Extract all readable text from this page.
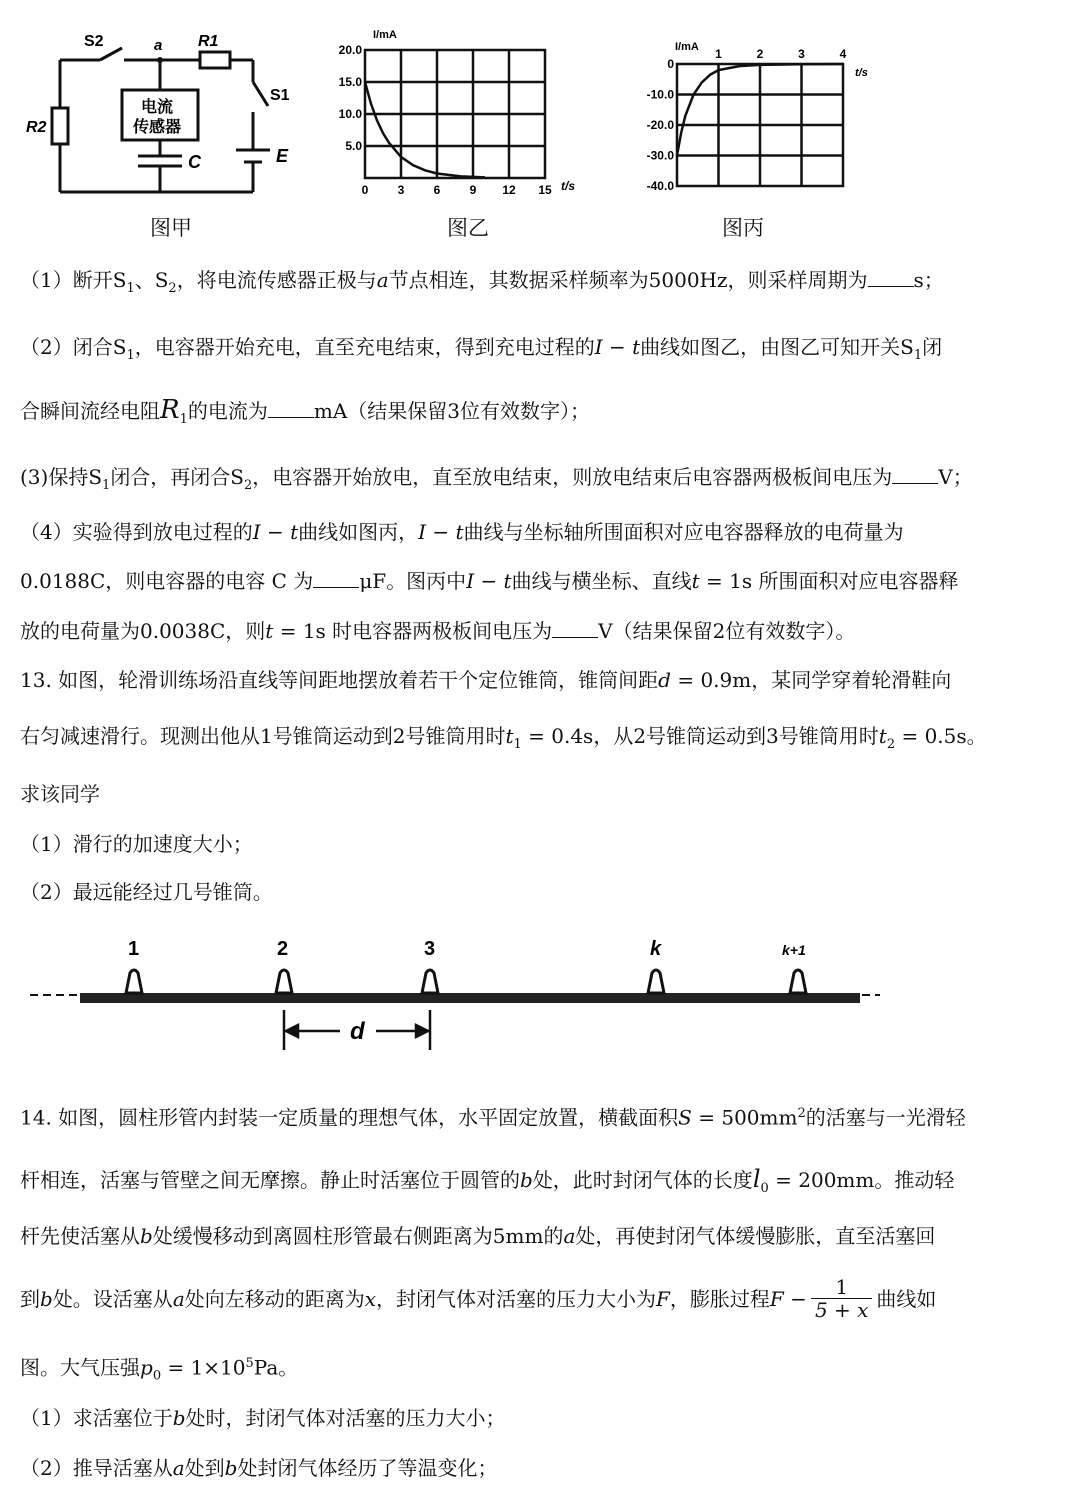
S2	a R1
S1
R2
电流
传感器
C	E
图甲
I/mA
t/s
20.0
15.0
10.0
5.0
0 3 6 9 12 15
图乙
I/mA
t/s
0
-10.0
-20.0
-30.0
-40.0
1	2	3	4
图丙
（1）断开$S_1$、$S_2$，将电流传感器正极与a节点相连，其数据采样频率为5000Hz，则采样周期为 s；
（2）闭合$S_1$，电容器开始充电，直至充电结束，得到充电过程的I − t曲线如图乙，由图乙可知开关$S_1$闭
合瞬间流经电阻$R_1$的电流为 mA（结果保留3位有效数字）；
(3)保持$S_1$闭合，再闭合$S_2$，电容器开始放电，直至放电结束，则放电结束后电容器两极板间电压为 V；
（4）实验得到放电过程的I − t曲线如图丙，I − t曲线与坐标轴所围面积对应电容器释放的电荷量为
0.0188C，则电容器的电容 C 为 μF。图丙中I − t曲线与横坐标、直线t = 1s 所围面积对应电容器释
放的电荷量为0.0038C，则t = 1s 时电容器两极板间电压为 V（结果保留2位有效数字）。
13. 如图，轮滑训练场沿直线等间距地摆放着若干个定位锥筒，锥筒间距d = 0.9m，某同学穿着轮滑鞋向
右匀减速滑行。现测出他从1号锥筒运动到2号锥筒用时$t_1 = 0.4s$，从2号锥筒运动到3号锥筒用时$t_2 = 0.5s$。
求该同学
（1）滑行的加速度大小；
（2）最远能经过几号锥筒。
1	2	3	k	k+1
d
14. 如图，圆柱形管内封装一定质量的理想气体，水平固定放置，横截面积$S = 500mm^2$的活塞与一光滑轻
杆相连，活塞与管壁之间无摩擦。静止时活塞位于圆管的b处，此时封闭气体的长度$l_0 = 200mm$。推动轻
杆先使活塞从b处缓慢移动到离圆柱形管最右侧距离为5mm的a处，再使封闭气体缓慢膨胀，直至活塞回
到b处。设活塞从a处向左移动的距离为x，封闭气体对活塞的压力大小为F，膨胀过程$F - \frac{1}{5 + x}$ 曲线如
图。大气压强$p_0 = 1\times 10^5Pa$。
（1）求活塞位于b处时，封闭气体对活塞的压力大小；
（2）推导活塞从a处到b处封闭气体经历了等温变化；
